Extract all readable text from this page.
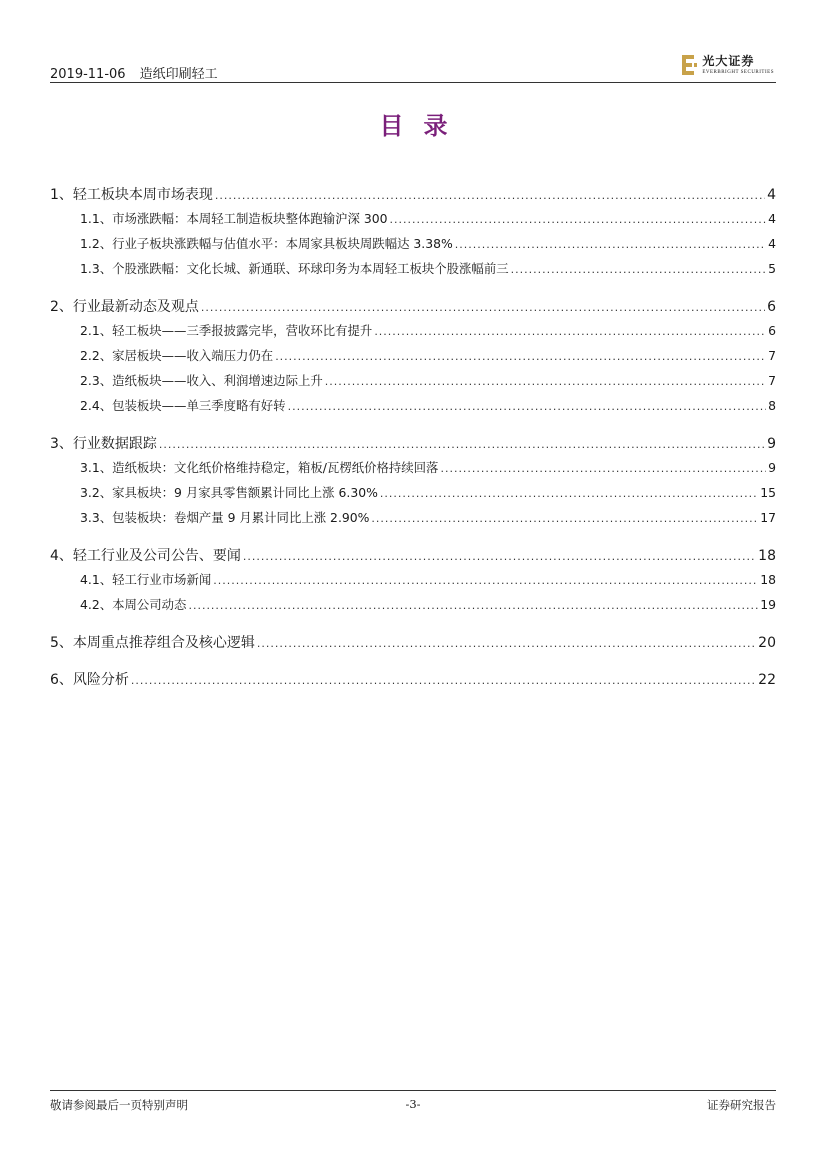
2019-11-06 造纸印刷轻工
光大证券
EVERBRIGHT SECURITIES
目录
1、 轻工板块本周市场表现 .....	4
1.1、 市场涨跌幅：本周轻工制造板块整体跑输沪深 300 .....	4
1.2、 行业子板块涨跌幅与估值水平：本周家具板块周跌幅达 3.38% .....	4
1.3、 个股涨跌幅：文化长城、新通联、环球印务为本周轻工板块个股涨幅前三 .....	5
2、 行业最新动态及观点 .....	6
2.1、 轻工板块——三季报披露完毕，营收环比有提升 .....	6
2.2、 家居板块——收入端压力仍在 .....	7
2.3、 造纸板块——收入、利润增速边际上升 .....	7
2.4、 包装板块——单三季度略有好转 .....	8
3、 行业数据跟踪 .....	9
3.1、 造纸板块：文化纸价格维持稳定，箱板/瓦楞纸价格持续回落 .....	9
3.2、 家具板块：9 月家具零售额累计同比上涨 6.30% .....	15
3.3、 包装板块：卷烟产量 9 月累计同比上涨 2.90% .....	17
4、 轻工行业及公司公告、要闻 .....	18
4.1、 轻工行业市场新闻 .....	18
4.2、 本周公司动态 .....	19
5、 本周重点推荐组合及核心逻辑 .....	20
6、 风险分析 .....	22
敬请参阅最后一页特别声明	-3-	证券研究报告
